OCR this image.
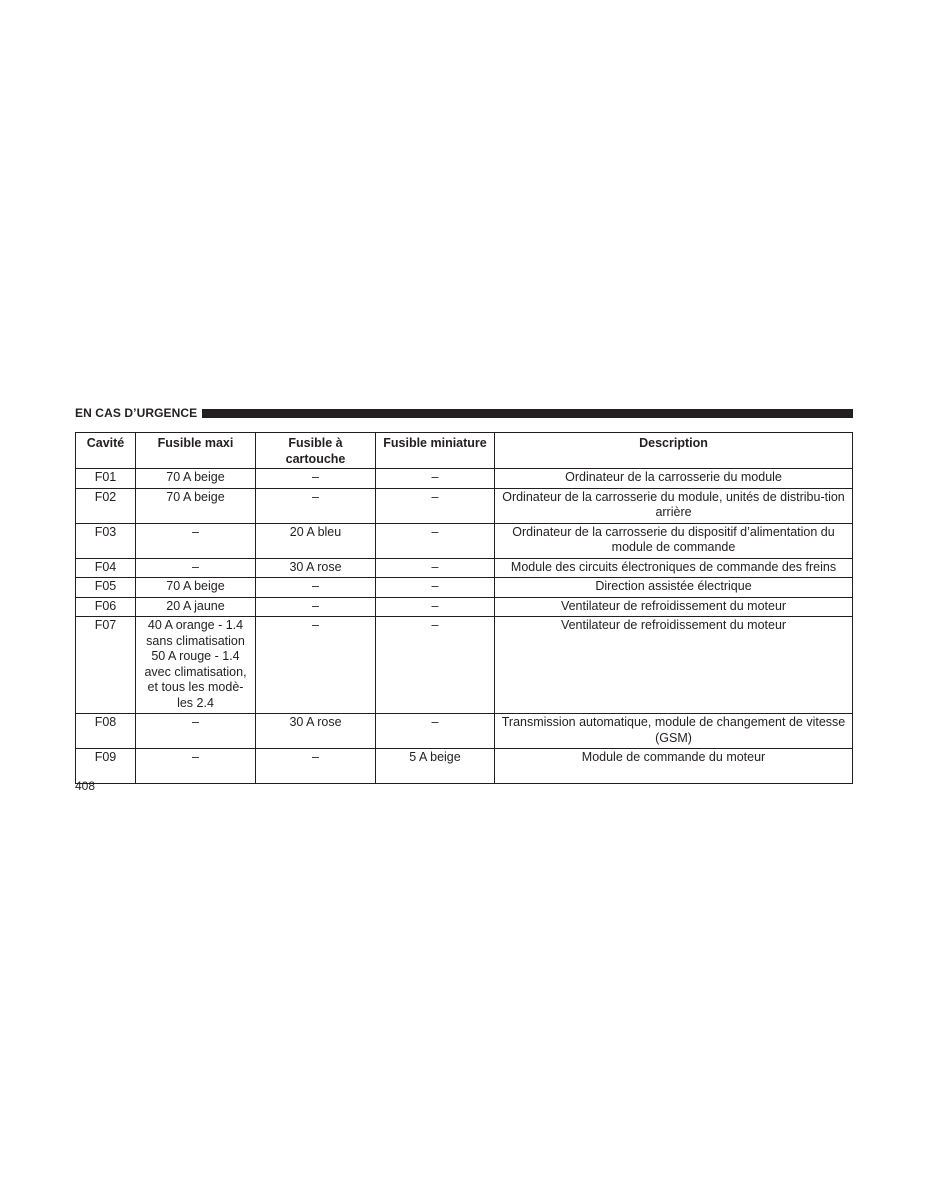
EN CAS D’URGENCE
Cavité	Fusible maxi	Fusible à cartouche	Fusible miniature	Description
F01	70 A beige	–	–	Ordinateur de la carrosserie du module
F02	70 A beige	–	–	Ordinateur de la carrosserie du module, unités de distribu-tion arrière
F03	–	20 A bleu	–	Ordinateur de la carrosserie du dispositif d’alimentation du module de commande
F04	–	30 A rose	–	Module des circuits électroniques de commande des freins
F05	70 A beige	–	–	Direction assistée électrique
F06	20 A jaune	–	–	Ventilateur de refroidissement du moteur
F07	40 A orange - 1.4 sans climatisation 50 A rouge - 1.4 avec climatisation, et tous les modè-les 2.4	–	–	Ventilateur de refroidissement du moteur
F08	–	30 A rose	–	Transmission automatique, module de changement de vitesse (GSM)
F09	–	–	5 A beige	Module de commande du moteur
408
